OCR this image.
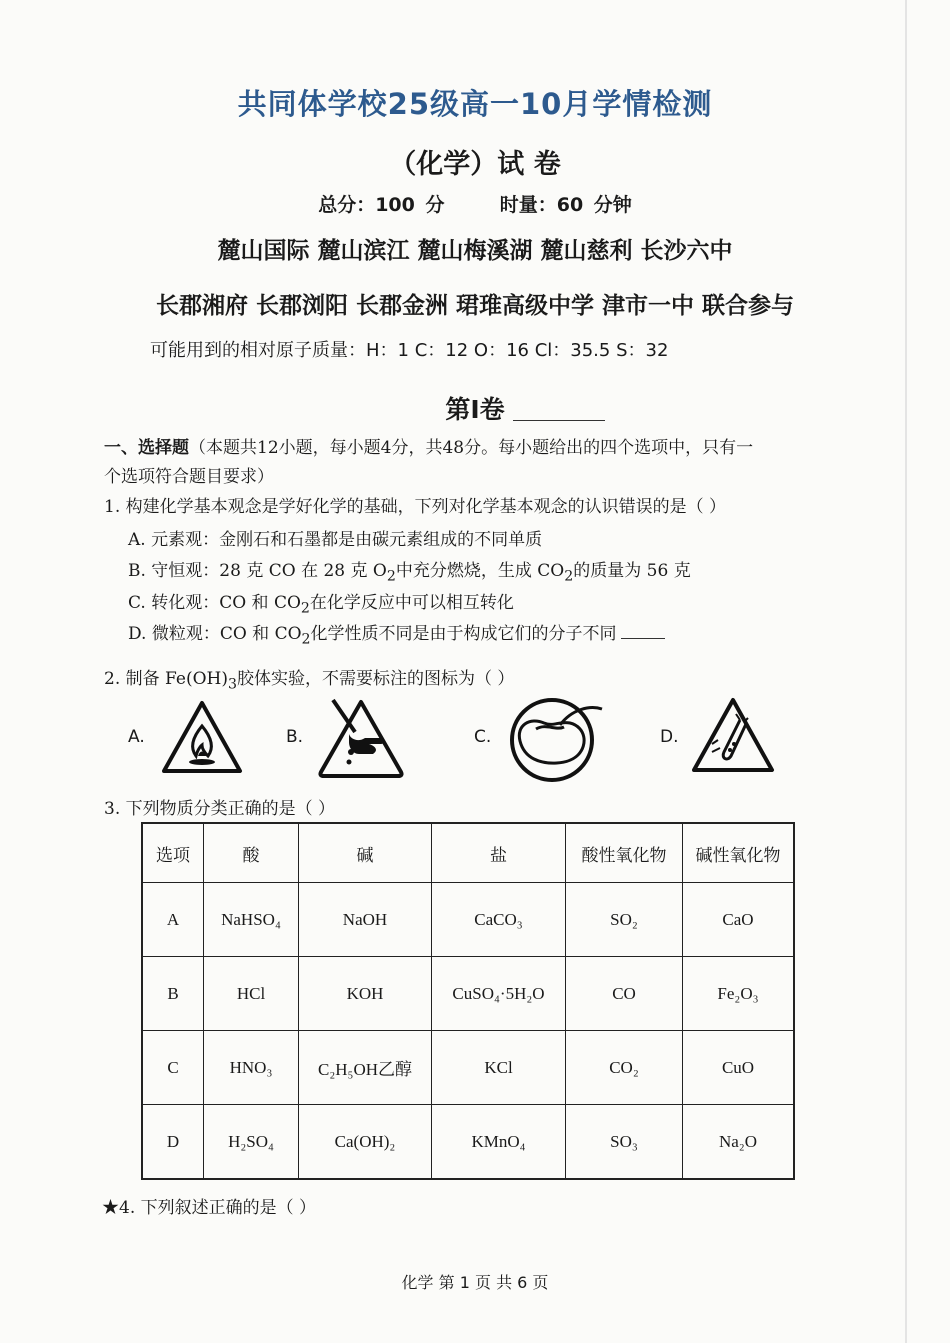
共同体学校25级高一10月学情检测
（化学）试 卷
总分：100 分	时量：60 分钟
麓山国际 麓山滨江 麓山梅溪湖 麓山慈利 长沙六中
长郡湘府 长郡浏阳 长郡金洲 珺琟高级中学 津市一中 联合参与
可能用到的相对原子质量：H：1 C：12 O：16 Cl：35.5 S：32
第Ⅰ卷
一、选择题（本题共12小题，每小题4分，共48分。每小题给出的四个选项中，只有一
个选项符合题目要求）
1. 构建化学基本观念是学好化学的基础，下列对化学基本观念的认识错误的是（ ）
A. 元素观：金刚石和石墨都是由碳元素组成的不同单质
B. 守恒观：28 克 CO 在 28 克 $O_2$中充分燃烧，生成 $CO_2$的质量为 56 克
C. 转化观：CO 和 $CO_2$在化学反应中可以相互转化
D. 微粒观：CO 和 $CO_2$化学性质不同是由于构成它们的分子不同
2. 制备 $Fe(OH)_3$胶体实验，不需要标注的图标为（ ）
A.	B.	C.	D.
3. 下列物质分类正确的是（ ）
选项	酸	碱	盐	酸性氧化物	碱性氧化物
A	NaHSO₄	NaOH	CaCO₃	SO₂	CaO
B	HCl	KOH	CuSO₄·5H₂O	CO	Fe₂O₃
C	HNO₃	C₂H₅OH乙醇	KCl	CO₂	CuO
D	H₂SO₄	Ca(OH)₂	KMnO₄	SO₃	Na₂O
★4. 下列叙述正确的是（ ）
化学 第 1 页 共 6 页
